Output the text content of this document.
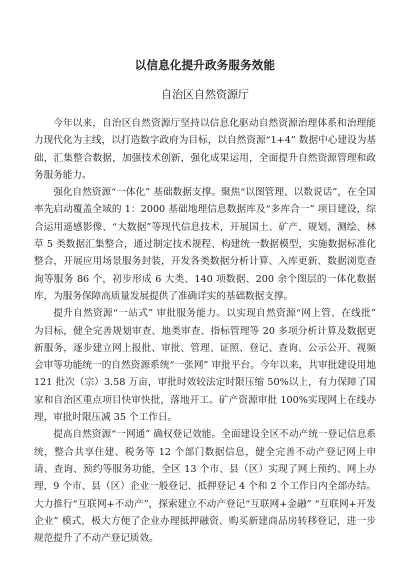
以信息化提升政务服务效能
自治区自然资源厅

今年以来，自治区自然资源厅坚持以信息化驱动自然资源治理体系和治理能力现代化为主线，以打造数字政府为目标，以自然资源“1+4” 数据中心建设为基础，汇集整合数据，加强技术创新，强化成果运用，全面提升自然资源管理和政务服务能力。

强化自然资源“一体化” 基础数据支撑。聚焦“以图管理、以数说话”，在全国率先启动覆盖全域的 1：2000 基础地理信息数据库及“多库合一” 项目建设，综合运用遥感影像、“大数据”等现代信息技术，开展国土、矿产、规划、测绘、林草 5 类数据汇集整合，通过制定技术规程、构建统一数据模型，实施数据标准化整合，开展应用场景服务封装，开发各类数据分析计算、入库更新、数据浏览查询等服务 86 个，初步形成 6 大类、140 项数据、200 余个图层的一体化数据库，为服务保障高质量发展提供了准确详实的基础数据支撑。

提升自然资源“一站式” 审批服务能力。以实现自然资源“网上管、在线批” 为目标，健全完善规划审查、地类审查、指标管理等 20 多项分析计算及数据更新服务，逐步建立网上报批、审批、管理、证照、登记、查询、公示公开、视频会审等功能统一的自然资源系统“一张网” 审批平台。今年以来，共审批建设用地 121 批次（宗）3.58 万亩，审批时效较法定时限压缩 50%以上，有力保障了国家和自治区重点项目快审快批，落地开工。矿产资源审批 100%实现网上在线办理，审批时限压减 35 个工作日。

提高自然资源“一网通” 确权登记效能。全面建设全区不动产统一登记信息系统，整合共享住建、税务等 12 个部门数据信息，健全完善不动产登记网上申请、查询、预约等服务功能，全区 13 个市、县（区）实现了网上预约、网上办理，9 个市、县（区）企业一般登记、抵押登记 4 个和 2 个工作日内全部办结。大力推行“互联网+不动产”，探索建立不动产登记“互联网+金融” “互联网+开发企业” 模式，极大方便了企业办理抵押融资、购买新建商品房转移登记，进一步规范提升了不动产登记质效。
